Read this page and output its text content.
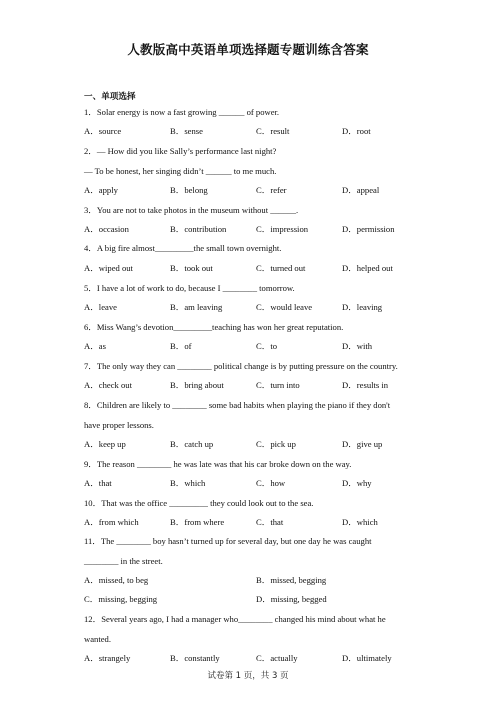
人教版高中英语单项选择题专题训练含答案
一、单项选择
1．Solar energy is now a fast growing ______ of power.
A．source	B．sense	C．result	D．root
2．— How did you like Sally’s performance last night?
— To be honest, her singing didn’t ______ to me much.
A．apply	B．belong	C．refer	D．appeal
3．You are not to take photos in the museum without ______.
A．occasion	B．contribution	C．impression	D．permission
4．A big fire almost_________the small town overnight.
A．wiped out	B．took out	C．turned out	D．helped out
5．I have a lot of work to do, because I ________ tomorrow.
A．leave	B．am leaving	C．would leave	D．leaving
6．Miss Wang’s devotion_________teaching has won her great reputation.
A．as	B．of	C．to	D．with
7．The only way they can ________ political change is by putting pressure on the country.
A．check out	B．bring about	C．turn into	D．results in
8．Children are likely to ________ some bad habits when playing the piano if they don't
have proper lessons.
A．keep up	B．catch up	C．pick up	D．give up
9．The reason ________ he was late was that his car broke down on the way.
A．that	B．which	C．how	D．why
10．That was the office _________ they could look out to the sea.
A．from which	B．from where	C．that	D．which
11．The ________ boy hasn’t turned up for several day, but one day he was caught
________ in the street.
A．missed, to beg	B．missed, begging
C．missing, begging	D．missing, begged
12．Several years ago, I had a manager who________ changed his mind about what he
wanted.
A．strangely	B．constantly	C．actually	D．ultimately
试卷第 1 页，共 3 页
